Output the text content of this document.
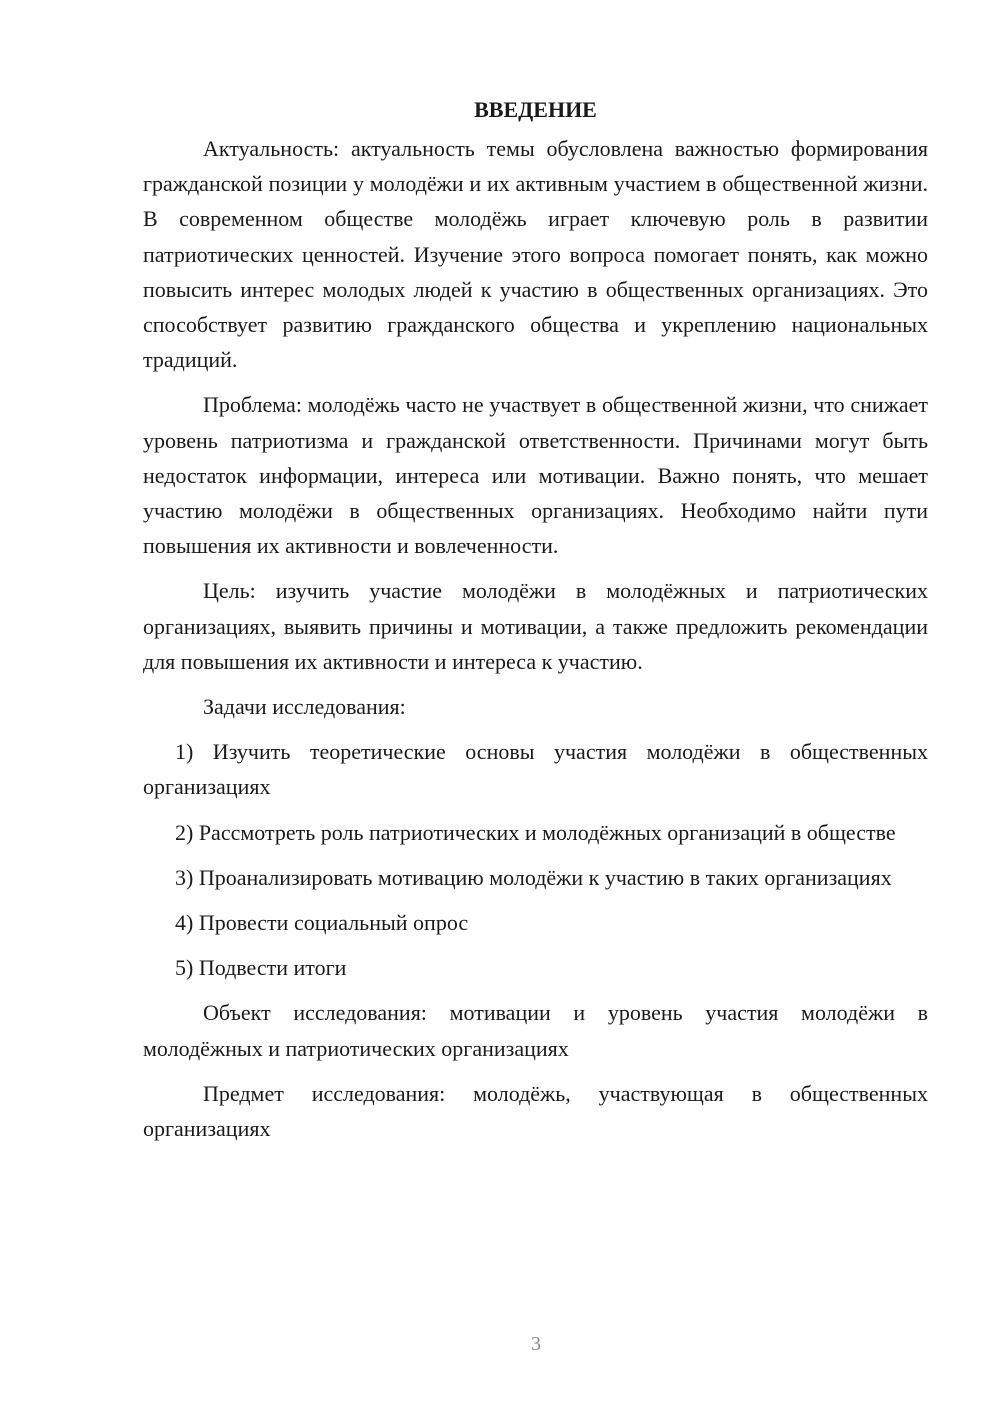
ВВЕДЕНИЕ

Актуальность: актуальность темы обусловлена важностью формирования гражданской позиции у молодёжи и их активным участием в общественной жизни. В современном обществе молодёжь играет ключевую роль в развитии патриотических ценностей. Изучение этого вопроса помогает понять, как можно повысить интерес молодых людей к участию в общественных организациях. Это способствует развитию гражданского общества и укреплению национальных традиций.

Проблема: молодёжь часто не участвует в общественной жизни, что снижает уровень патриотизма и гражданской ответственности. Причинами могут быть недостаток информации, интереса или мотивации. Важно понять, что мешает участию молодёжи в общественных организациях. Необходимо найти пути повышения их активности и вовлеченности.

Цель: изучить участие молодёжи в молодёжных и патриотических организациях, выявить причины и мотивации, а также предложить рекомендации для повышения их активности и интереса к участию.

Задачи исследования:

1) Изучить теоретические основы участия молодёжи в общественных организациях

2) Рассмотреть роль патриотических и молодёжных организаций в обществе

3) Проанализировать мотивацию молодёжи к участию в таких организациях

4) Провести социальный опрос

5) Подвести итоги

Объект исследования: мотивации и уровень участия молодёжи в молодёжных и патриотических организациях

Предмет исследования: молодёжь, участвующая в общественных организациях

3
